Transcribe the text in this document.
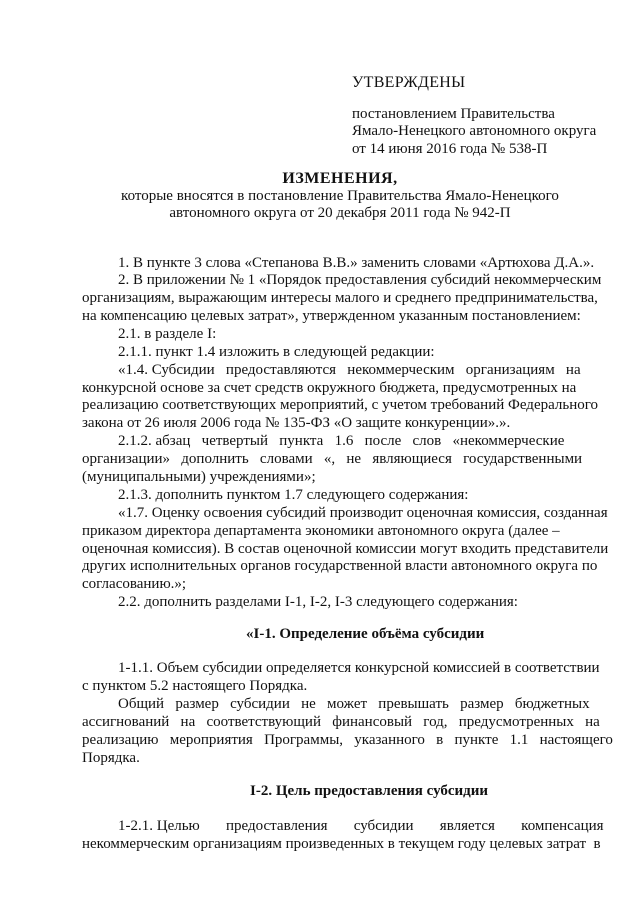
УТВЕРЖДЕНЫ
постановлением Правительства
Ямало-Ненецкого автономного округа
от 14 июня 2016 года № 538-П
ИЗМЕНЕНИЯ,
которые вносятся в постановление Правительства Ямало-Ненецкого
автономного округа от 20 декабря 2011 года № 942-П
1. В пункте 3 слова «Степанова В.В.» заменить словами «Артюхова Д.А.».
2. В приложении № 1 «Порядок предоставления субсидий некоммерческим
организациям, выражающим интересы малого и среднего предпринимательства,
на компенсацию целевых затрат», утвержденном указанным постановлением:
2.1. в разделе I:
2.1.1. пункт 1.4 изложить в следующей редакции:
«1.4. Субсидии   предоставляются   некоммерческим   организациям   на
конкурсной основе за счет средств окружного бюджета, предусмотренных на
реализацию соответствующих мероприятий, с учетом требований Федерального
закона от 26 июля 2006 года № 135-ФЗ «О защите конкуренции».».
2.1.2. абзац   четвертый   пункта   1.6   после   слов   «некоммерческие
организации»   дополнить   словами   «,   не   являющиеся   государственными
(муниципальными) учреждениями»;
2.1.3. дополнить пунктом 1.7 следующего содержания:
«1.7. Оценку освоения субсидий производит оценочная комиссия, созданная
приказом директора департамента экономики автономного округа (далее –
оценочная комиссия). В состав оценочной комиссии могут входить представители
других исполнительных органов государственной власти автономного округа по
согласованию.»;
2.2. дополнить разделами I-1, I-2, I-3 следующего содержания:
«I-1. Определение объёма субсидии
1-1.1. Объем субсидии определяется конкурсной комиссией в соответствии
с пунктом 5.2 настоящего Порядка.
Общий   размер   субсидии   не   может   превышать   размер   бюджетных
ассигнований   на   соответствующий   финансовый   год,   предусмотренных   на
реализацию   мероприятия   Программы,   указанного   в   пункте   1.1   настоящего
Порядка.
I-2. Цель предоставления субсидии
1-2.1. Целью       предоставления       субсидии       является       компенсация
некоммерческим организациям произведенных в текущем году целевых затрат  в
